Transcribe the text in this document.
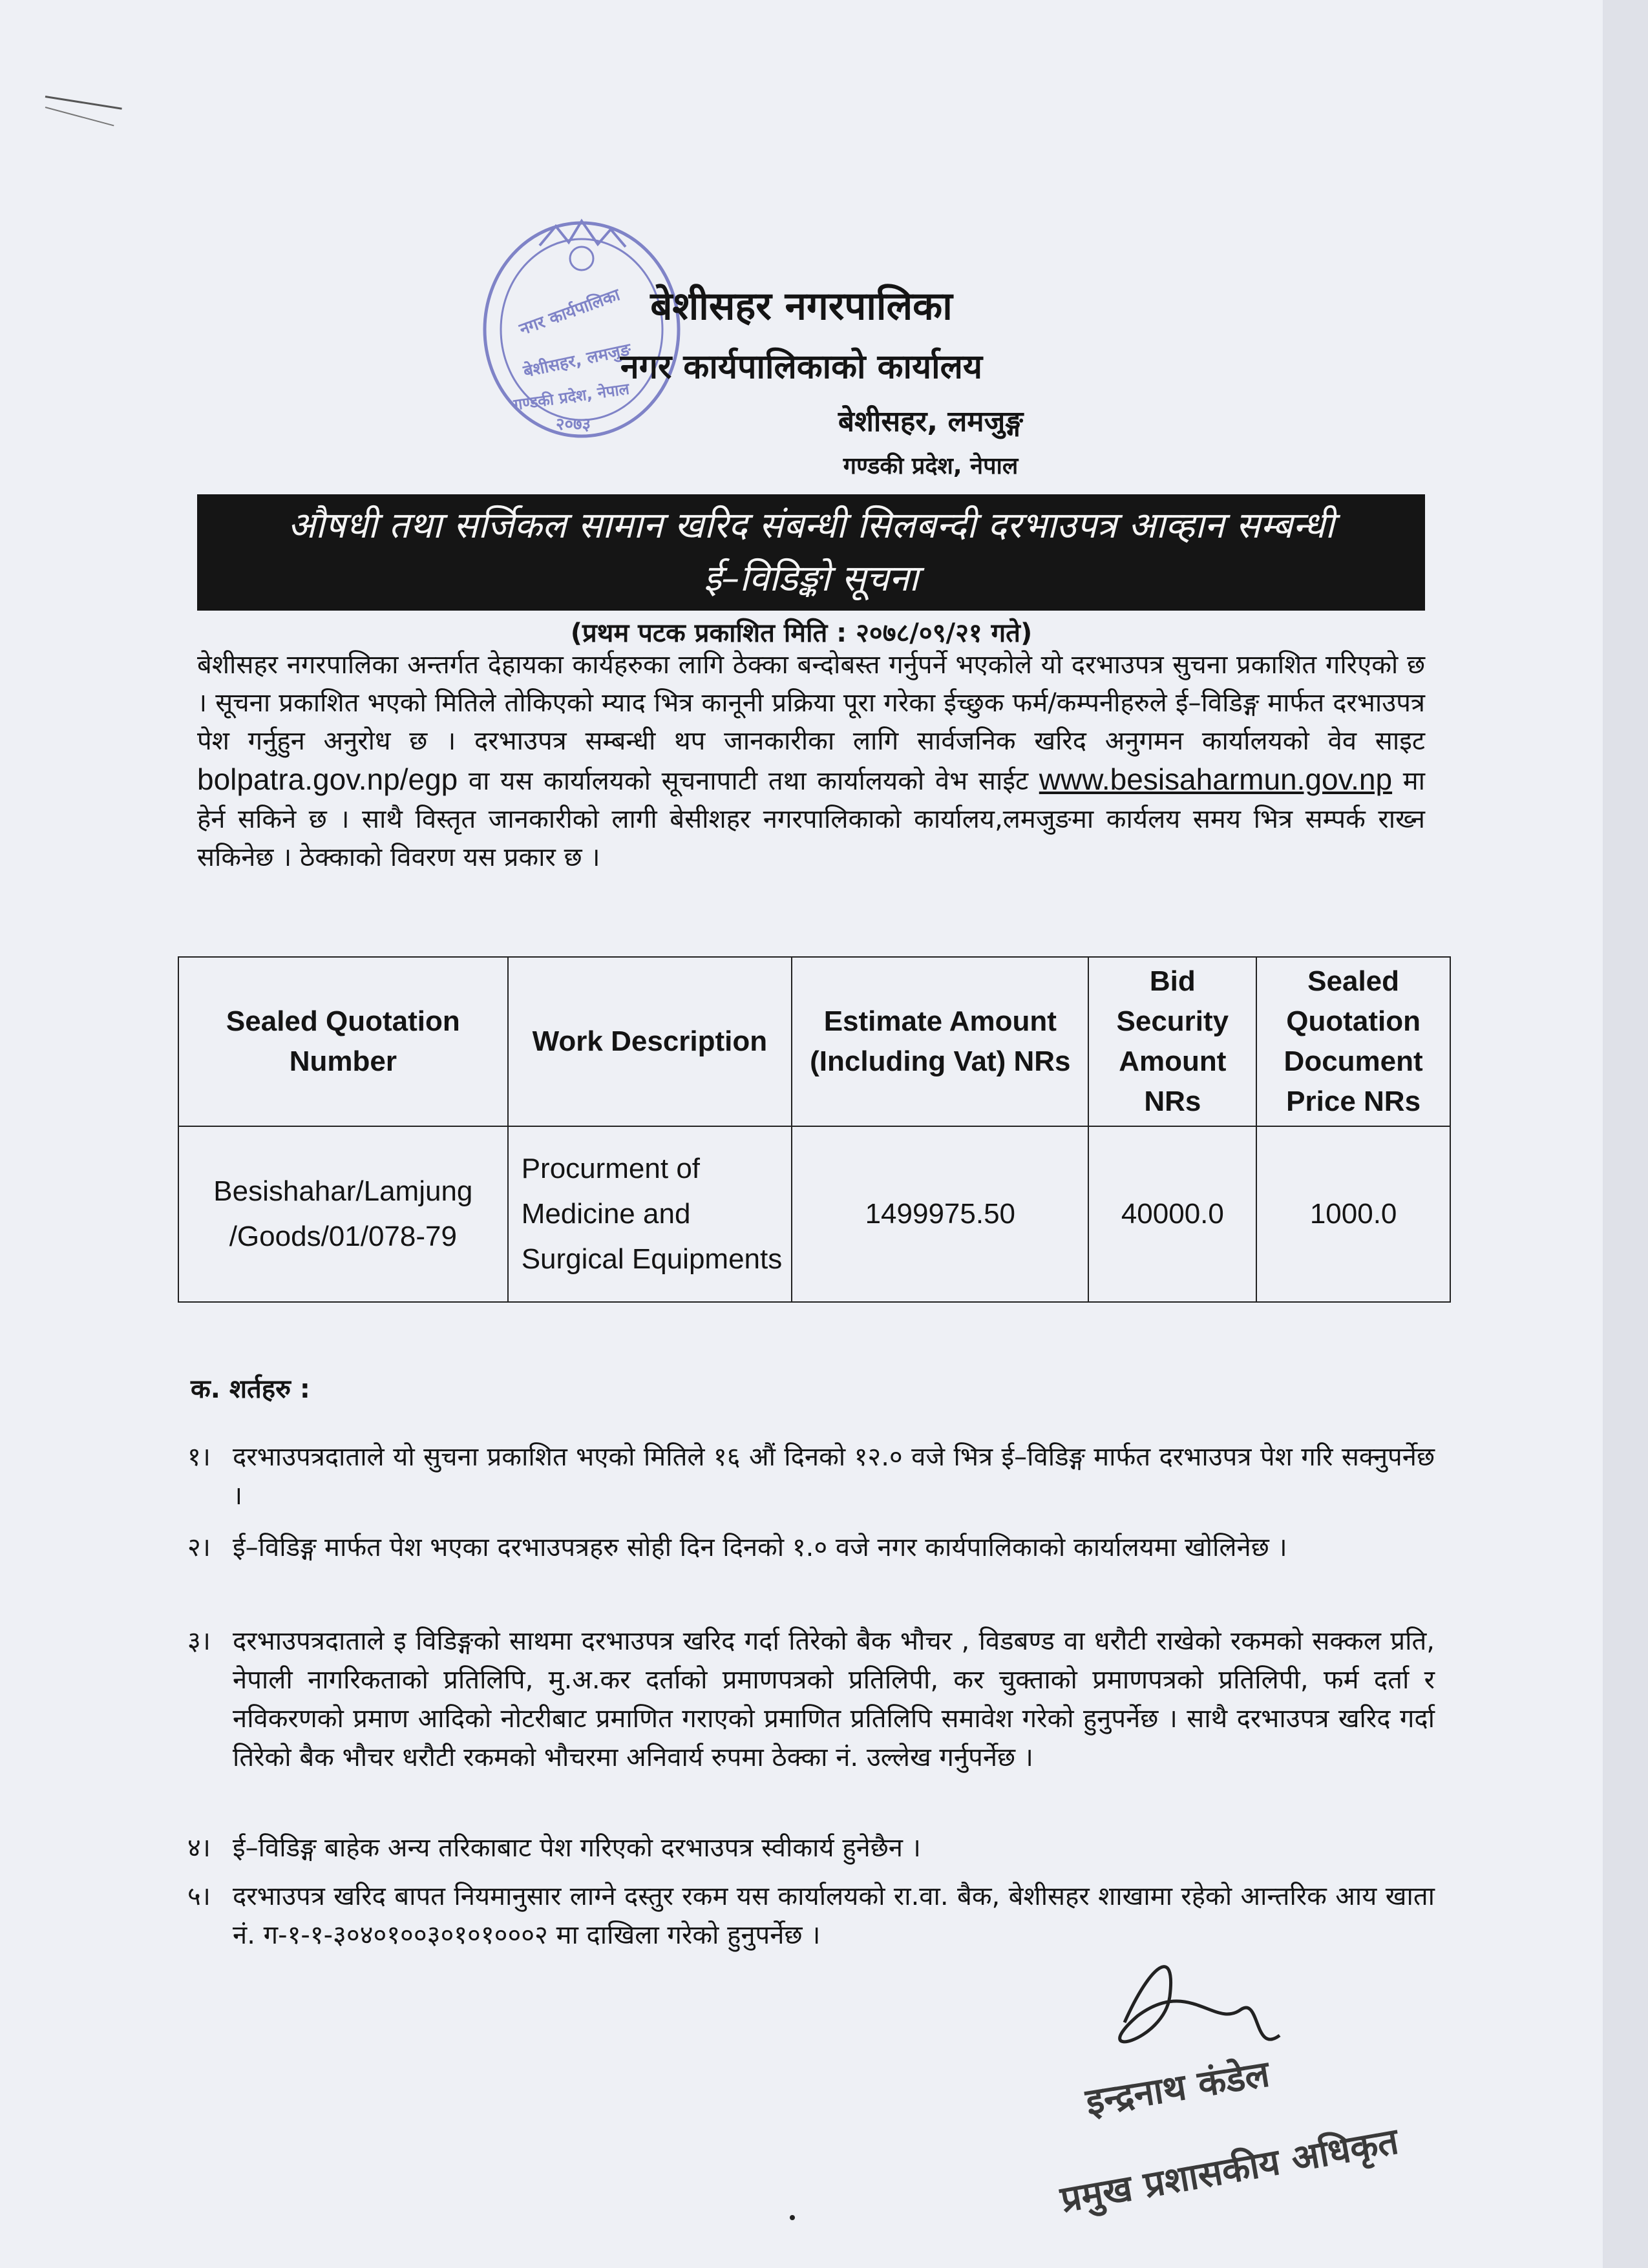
नगर कार्यपालिका
बेशीसहर, लमजुङ
गण्डकी प्रदेश, नेपाल
२०७३
बेशीसहर नगरपालिका
नगर कार्यपालिकाको कार्यालय
बेशीसहर, लमजुङ्ग
गण्डकी प्रदेश, नेपाल
औषधी तथा सर्जिकल सामान खरिद संबन्धी सिलबन्दी दरभाउपत्र आव्हान सम्बन्धी
ई–विडिङ्को सूचना
(प्रथम पटक प्रकाशित मिति : २०७८/०९/२१ गते)
बेशीसहर नगरपालिका अन्तर्गत देहायका कार्यहरुका लागि ठेक्का बन्दोबस्त गर्नुपर्ने भएकोले यो दरभाउपत्र सुचना प्रकाशित गरिएको छ । सूचना प्रकाशित भएको मितिले तोकिएको म्याद भित्र कानूनी प्रक्रिया पूरा गरेका ईच्छुक फर्म/कम्पनीहरुले ई–विडिङ्ग मार्फत दरभाउपत्र पेश गर्नुहुन अनुरोध छ । दरभाउपत्र सम्बन्धी थप जानकारीका लागि सार्वजनिक खरिद अनुगमन कार्यालयको वेव साइट bolpatra.gov.np/egp वा यस कार्यालयको सूचनापाटी तथा कार्यालयको वेभ साईट www.besisaharmun.gov.np मा हेर्न सकिने छ । साथै विस्तृत जानकारीको लागी बेसीशहर नगरपालिकाको कार्यालय,लमजुङमा कार्यलय समय भित्र सम्पर्क राख्न सकिनेछ । ठेक्काको विवरण यस प्रकार छ ।
Sealed Quotation Number	Work Description	Estimate Amount (Including Vat) NRs	Bid Security Amount NRs	Sealed Quotation Document Price NRs
Besishahar/Lamjung /Goods/01/078-79	Procurment of Medicine and Surgical Equipments	1499975.50	40000.0	1000.0
क. शर्तहरु :
१। दरभाउपत्रदाताले यो सुचना प्रकाशित भएको मितिले १६ औं दिनको १२.० वजे भित्र ई–विडिङ्ग मार्फत दरभाउपत्र पेश गरि सक्नुपर्नेछ ।
२। ई–विडिङ्ग मार्फत पेश भएका दरभाउपत्रहरु सोही दिन दिनको १.० वजे नगर कार्यपालिकाको कार्यालयमा खोलिनेछ ।
३। दरभाउपत्रदाताले इ विडिङ्गको साथमा दरभाउपत्र खरिद गर्दा तिरेको बैक भौचर , विडबण्ड वा धरौटी राखेको रकमको सक्कल प्रति, नेपाली नागरिकताको प्रतिलिपि, मु.अ.कर दर्ताको प्रमाणपत्रको प्रतिलिपी, कर चुक्ताको प्रमाणपत्रको प्रतिलिपी, फर्म दर्ता र नविकरणको प्रमाण आदिको नोटरीबाट प्रमाणित गराएको प्रमाणित प्रतिलिपि समावेश गरेको हुनुपर्नेछ । साथै दरभाउपत्र खरिद गर्दा तिरेको बैक भौचर धरौटी रकमको भौचरमा अनिवार्य रुपमा ठेक्का नं. उल्लेख गर्नुपर्नेछ ।
४। ई–विडिङ्ग बाहेक अन्य तरिकाबाट पेश गरिएको दरभाउपत्र स्वीकार्य हुनेछैन ।
५। दरभाउपत्र खरिद बापत नियमानुसार लाग्ने दस्तुर रकम यस कार्यालयको रा.वा. बैक, बेशीसहर शाखामा रहेको आन्तरिक आय खाता नं. ग-१-१-३०४०१००३०१०१०००२ मा दाखिला गरेको हुनुपर्नेछ ।
इन्द्रनाथ कंडेल
प्रमुख प्रशासकीय अधिकृत
